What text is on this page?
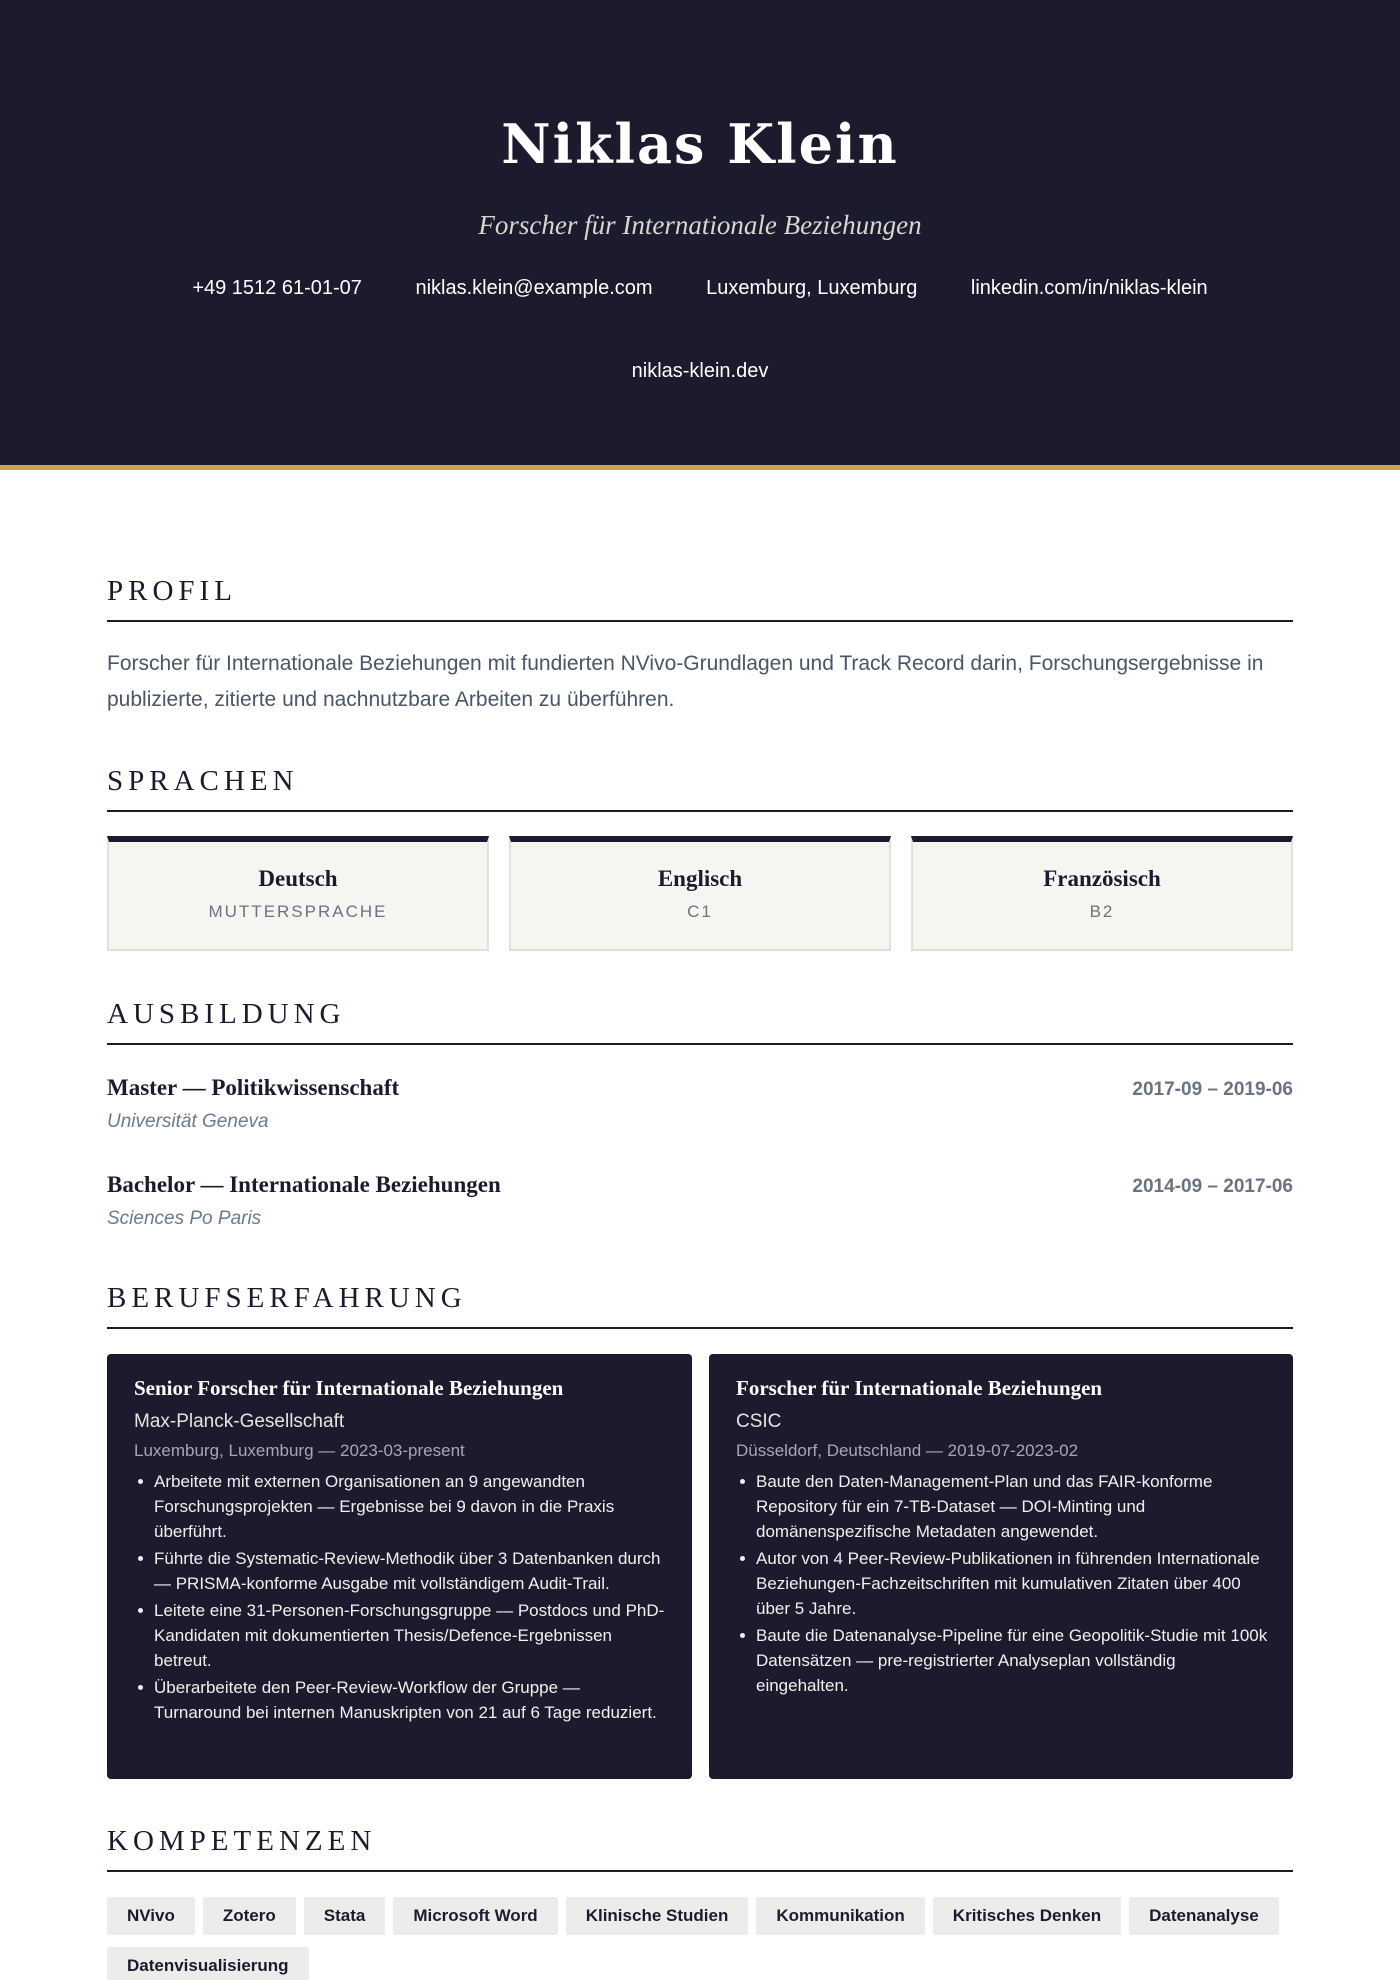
Niklas Klein
Forscher für Internationale Beziehungen
+49 1512 61-01-07	niklas.klein@example.com	Luxemburg, Luxemburg	linkedin.com/in/niklas-klein
niklas-klein.dev
PROFIL
Forscher für Internationale Beziehungen mit fundierten NVivo-Grundlagen und Track Record darin, Forschungsergebnisse in publizierte, zitierte und nachnutzbare Arbeiten zu überführen.
SPRACHEN
Deutsch
MUTTERSPRACHE
Englisch
C1
Französisch
B2
AUSBILDUNG
Master — Politikwissenschaft
Universität Geneva
2017-09 – 2019-06
Bachelor — Internationale Beziehungen
Sciences Po Paris
2014-09 – 2017-06
BERUFSERFAHRUNG
Senior Forscher für Internationale Beziehungen
Max-Planck-Gesellschaft
Luxemburg, Luxemburg — 2023-03-present
Arbeitete mit externen Organisationen an 9 angewandten Forschungsprojekten — Ergebnisse bei 9 davon in die Praxis überführt.
Führte die Systematic-Review-Methodik über 3 Datenbanken durch — PRISMA-konforme Ausgabe mit vollständigem Audit-Trail.
Leitete eine 31-Personen-Forschungsgruppe — Postdocs und PhD-Kandidaten mit dokumentierten Thesis/Defence-Ergebnissen betreut.
Überarbeitete den Peer-Review-Workflow der Gruppe — Turnaround bei internen Manuskripten von 21 auf 6 Tage reduziert.
Forscher für Internationale Beziehungen
CSIC
Düsseldorf, Deutschland — 2019-07-2023-02
Baute den Daten-Management-Plan und das FAIR-konforme Repository für ein 7-TB-Dataset — DOI-Minting und domänenspezifische Metadaten angewendet.
Autor von 4 Peer-Review-Publikationen in führenden Internationale Beziehungen-Fachzeitschriften mit kumulativen Zitaten über 400 über 5 Jahre.
Baute die Datenanalyse-Pipeline für eine Geopolitik-Studie mit 100k Datensätzen — pre-registrierter Analyseplan vollständig eingehalten.
KOMPETENZEN
NVivo	Zotero	Stata	Microsoft Word	Klinische Studien	Kommunikation	Kritisches Denken	DatenanalyseDatenvisualisierung
